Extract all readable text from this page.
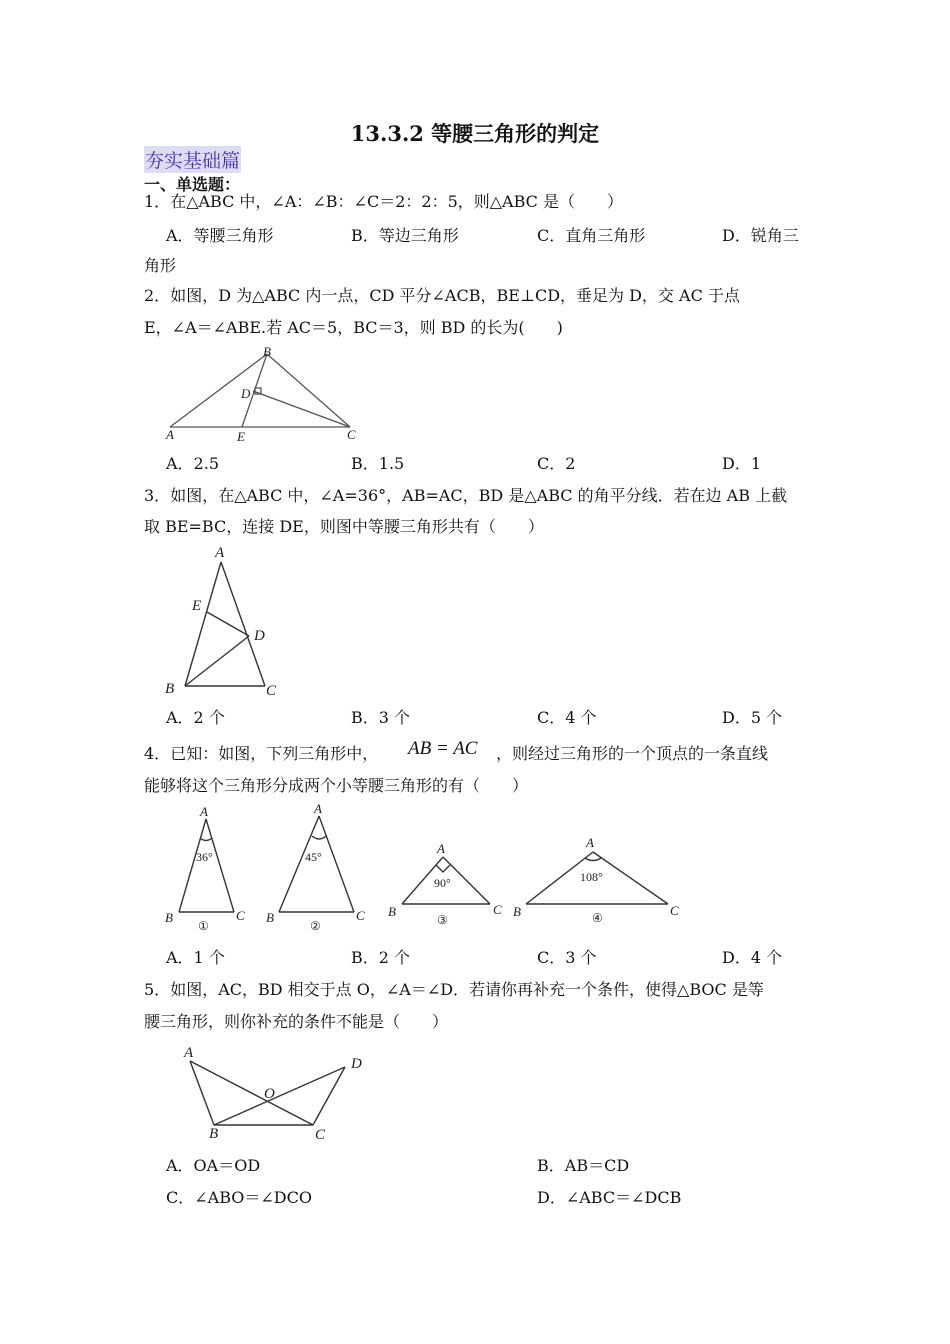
13.3.2 等腰三角形的判定
夯实基础篇
一、单选题：
1．在△ABC 中，∠A：∠B：∠C＝2：2：5，则△ABC 是（　　）
A．等腰三角形	B．等边三角形	C．直角三角形	D．锐角三
角形
2．如图，D 为△ABC 内一点，CD 平分∠ACB，BE⊥CD，垂足为 D，交 AC 于点
E，∠A＝∠ABE.若 AC＝5，BC＝3，则 BD 的长为(　　)
B
D
A	E	C
A．2.5	B．1.5	C．2	D．1
3．如图，在△ABC 中，∠A=36°，AB=AC，BD 是△ABC 的角平分线．若在边 AB 上截
取 BE=BC，连接 DE，则图中等腰三角形共有（　　）
A
E
D
B	C
A．2 个	B．3 个	C．4 个	D．5 个
4．已知：如图，下列三角形中， AB = AC ，则经过三角形的一个顶点的一条直线
能够将这个三角形分成两个小等腰三角形的有（　　）
A
36°
B	C
①
A
45°
B	C
②
A
90°
B	C
③
A
108°
B	C
④
A．1 个	B．2 个	C．3 个	D．4 个
5．如图，AC，BD 相交于点 O，∠A＝∠D．若请你再补充一个条件，使得△BOC 是等
腰三角形，则你补充的条件不能是（　　）
A
D
O
B	C
A．OA＝OD	B．AB＝CD
C．∠ABO＝∠DCO	D．∠ABC＝∠DCB
